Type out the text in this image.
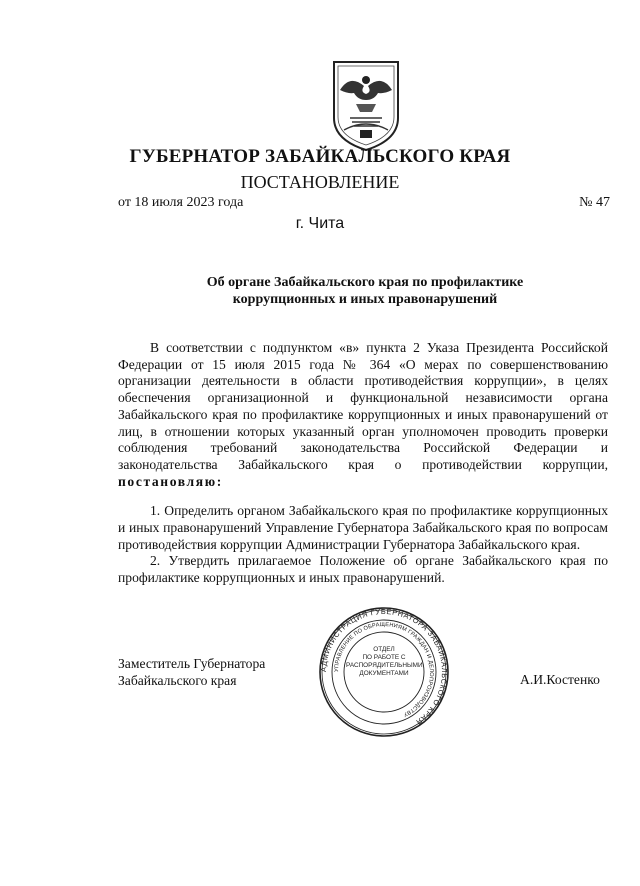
ГУБЕРНАТОР ЗАБАЙКАЛЬСКОГО КРАЯ
ПОСТАНОВЛЕНИЕ
от 18 июля 2023 года	№ 47
г. Чита
Об органе Забайкальского края по профилактике
коррупционных и иных правонарушений

В соответствии с подпунктом «в» пункта 2 Указа Президента Российской Федерации от 15 июля 2015 года № 364 «О мерах по совершенствованию организации деятельности в области противодействия коррупции», в целях обеспечения организационной и функциональной независимости органа Забайкальского края по профилактике коррупционных и иных правонарушений от лиц, в отношении которых указанный орган уполномочен проводить проверки соблюдения требований законодательства Российской Федерации и законодательства Забайкальского края о противодействии коррупции, постановляю:

1. Определить органом Забайкальского края по профилактике коррупционных и иных правонарушений Управление Губернатора Забайкальского края по вопросам противодействия коррупции Администрации Губернатора Забайкальского края.

2. Утвердить прилагаемое Положение об органе Забайкальского края по профилактике коррупционных и иных правонарушений.

Заместитель Губернатора
Забайкальского края
АДМИНИСТРАЦИЯ ГУБЕРНАТОРА ЗАБАЙКАЛЬСКОГО КРАЯ
УПРАВЛЕНИЕ ПО ОБРАЩЕНИЯМ ГРАЖДАН И ДЕЛОПРОИЗВОДСТВУ
ОТДЕЛ
ПО РАБОТЕ С
РАСПОРЯДИТЕЛЬНЫМИ
ДОКУМЕНТАМИ	А.И.Костенко
